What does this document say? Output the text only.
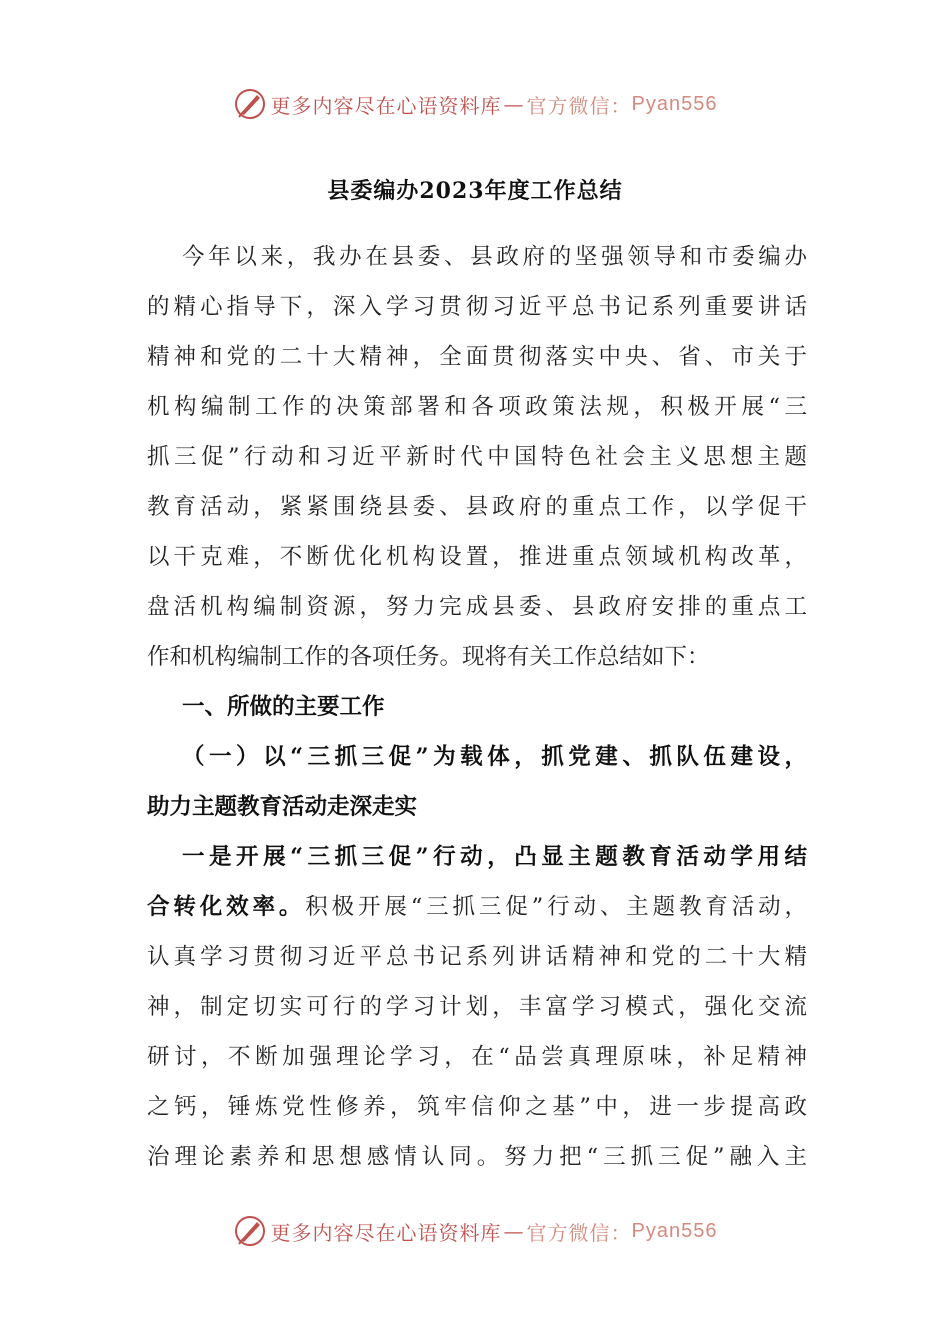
更多内容尽在心语资料库 — 官方微信： Pyan556
县委编办2023年度工作总结
今年以来，我办在县委、县政府的坚强领导和市委编办
的精心指导下，深入学习贯彻习近平总书记系列重要讲话
精神和党的二十大精神，全面贯彻落实中央、省、市关于
机构编制工作的决策部署和各项政策法规，积极开展“三
抓三促”行动和习近平新时代中国特色社会主义思想主题
教育活动，紧紧围绕县委、县政府的重点工作，以学促干
以干克难，不断优化机构设置，推进重点领域机构改革，
盘活机构编制资源，努力完成县委、县政府安排的重点工
作和机构编制工作的各项任务。现将有关工作总结如下：
一、所做的主要工作
（一）以“三抓三促”为载体，抓党建、抓队伍建设，
助力主题教育活动走深走实
一是开展“三抓三促”行动，凸显主题教育活动学用结
合转化效率。积极开展“三抓三促”行动、主题教育活动，
认真学习贯彻习近平总书记系列讲话精神和党的二十大精
神，制定切实可行的学习计划，丰富学习模式，强化交流
研讨，不断加强理论学习，在“品尝真理原味，补足精神
之钙，锤炼党性修养，筑牢信仰之基”中，进一步提高政
治理论素养和思想感情认同。努力把“三抓三促”融入主
更多内容尽在心语资料库 — 官方微信： Pyan556
